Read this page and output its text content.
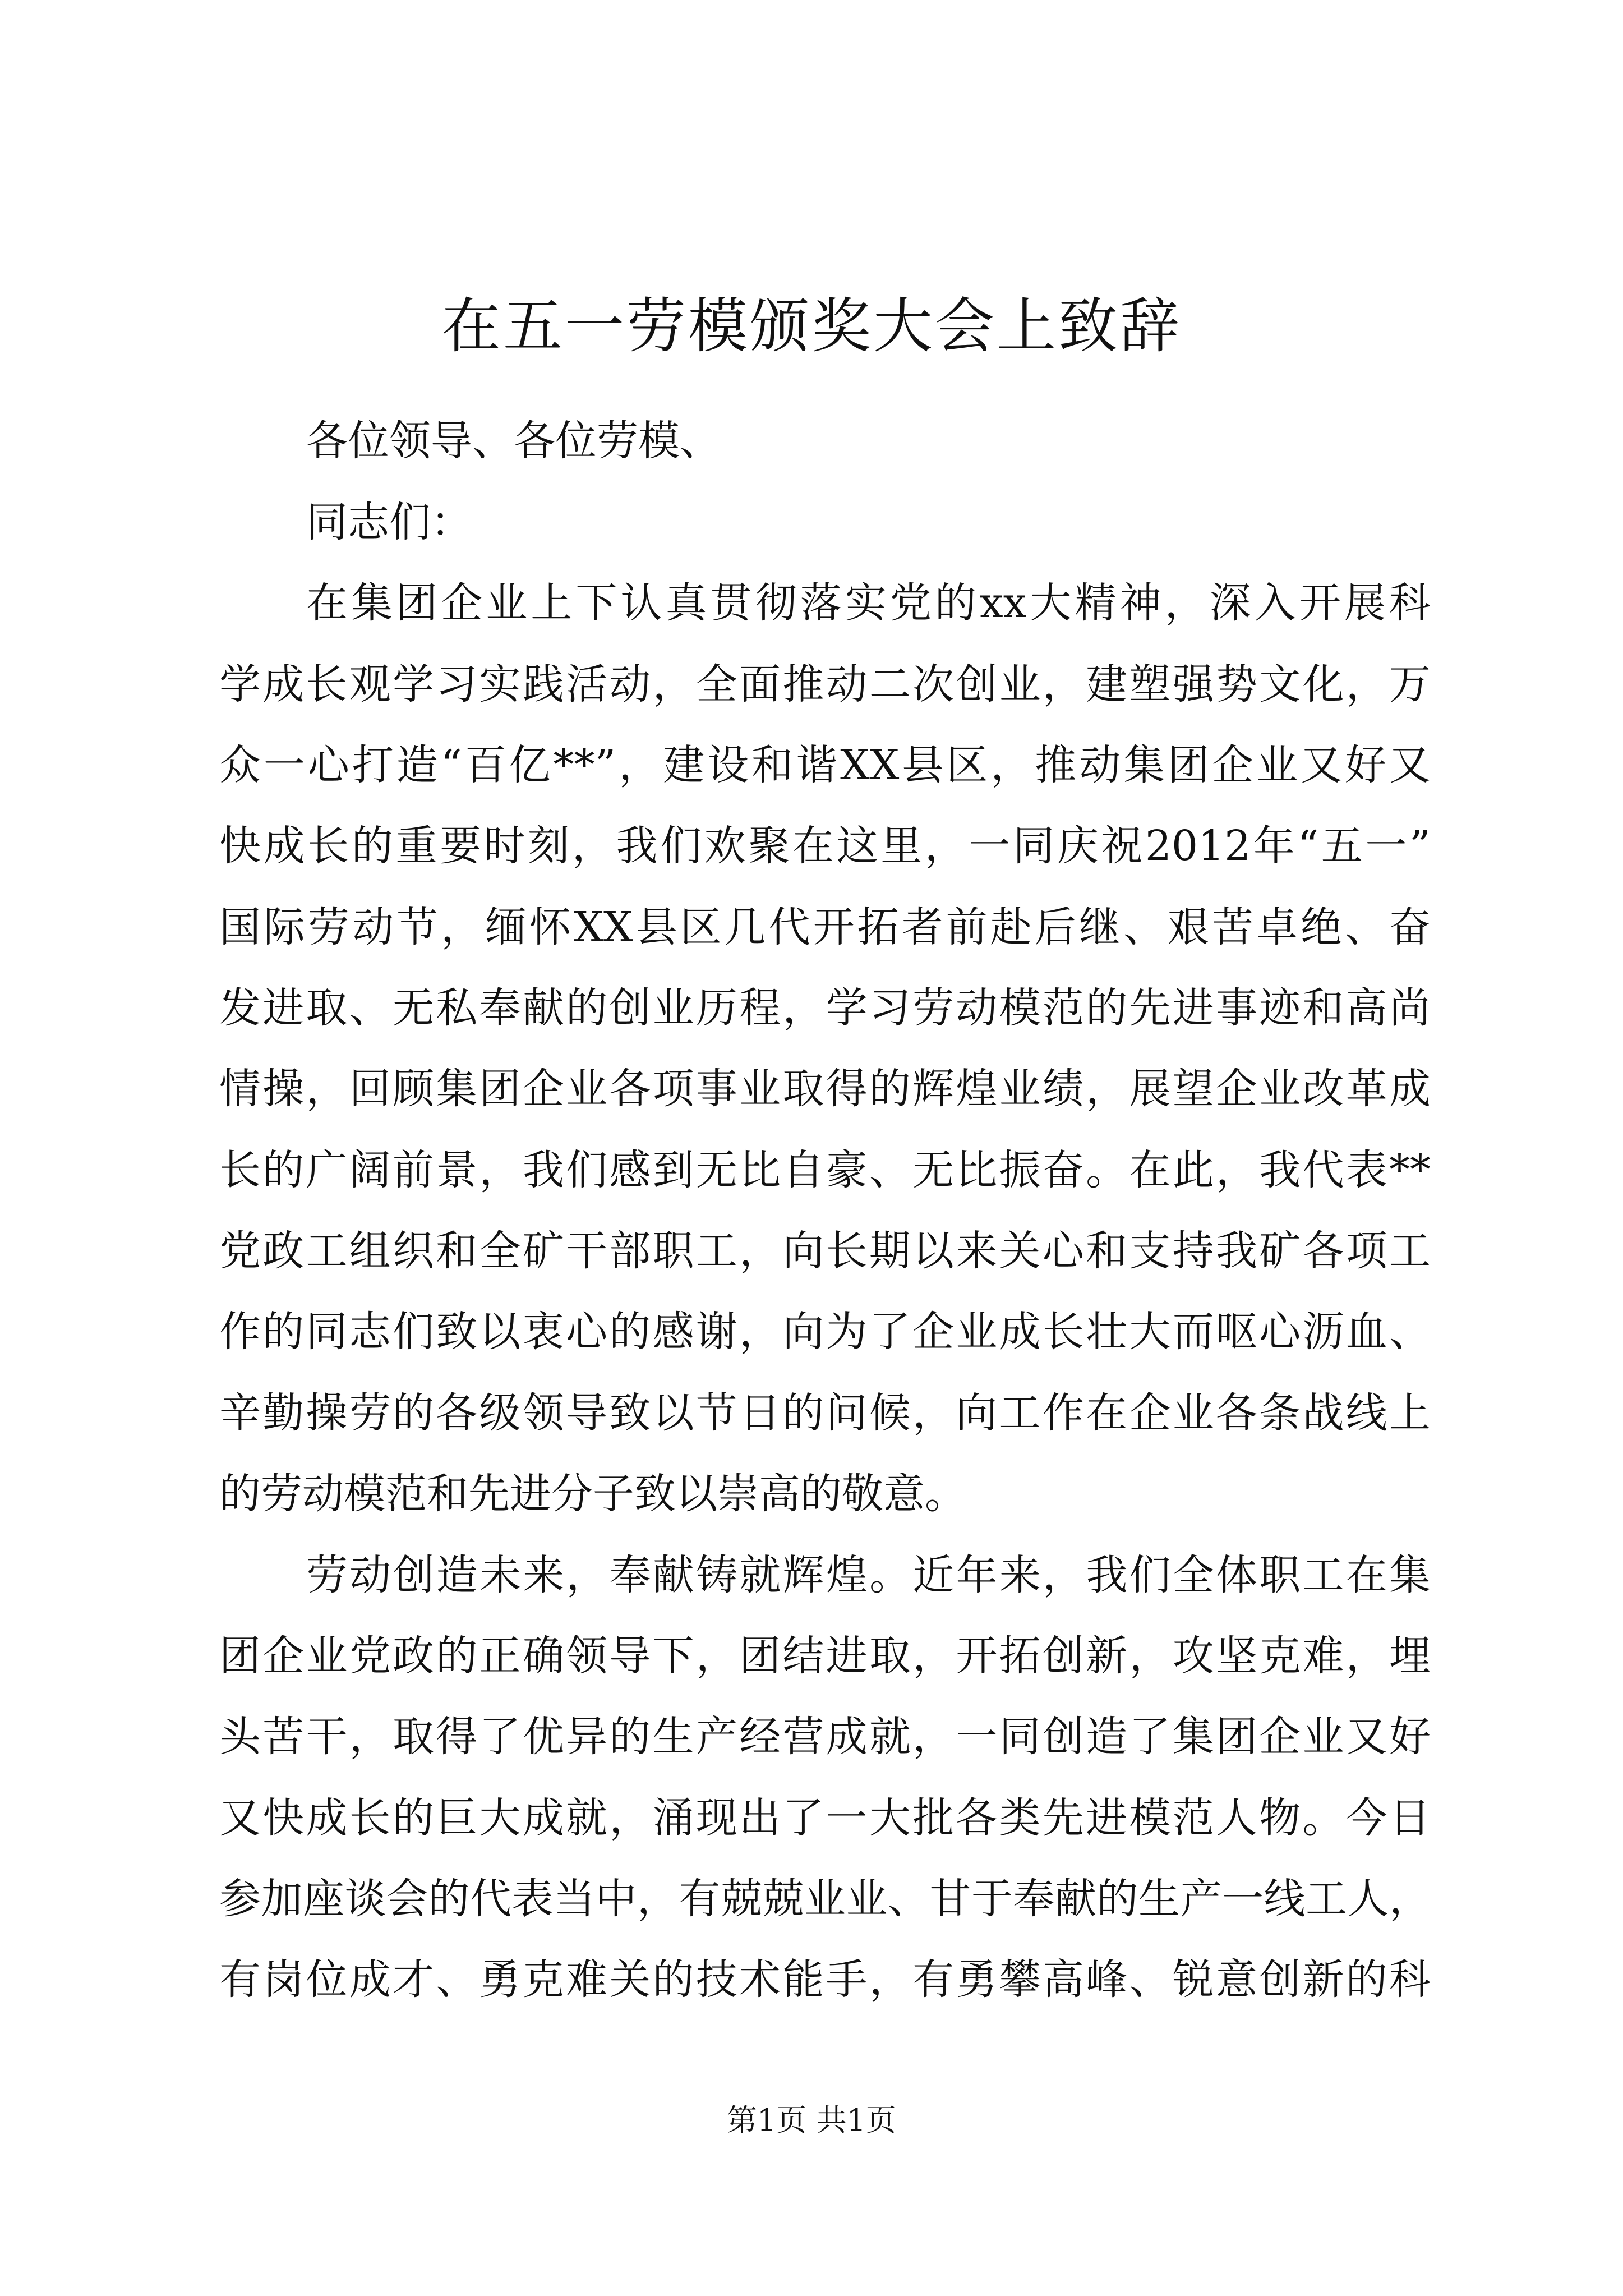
在五一劳模颁奖大会上致辞

各位领导、各位劳模、

同志们：

在集团企业上下认真贯彻落实党的xx大精神，深入开展科

学成长观学习实践活动，全面推动二次创业，建塑强势文化，万

众一心打造“百亿**”，建设和谐XX县区，推动集团企业又好又

快成长的重要时刻，我们欢聚在这里，一同庆祝2012年“五一”

国际劳动节，缅怀XX县区几代开拓者前赴后继、艰苦卓绝、奋

发进取、无私奉献的创业历程，学习劳动模范的先进事迹和高尚

情操，回顾集团企业各项事业取得的辉煌业绩，展望企业改革成

长的广阔前景，我们感到无比自豪、无比振奋。在此，我代表**

党政工组织和全矿干部职工，向长期以来关心和支持我矿各项工

作的同志们致以衷心的感谢，向为了企业成长壮大而呕心沥血、

辛勤操劳的各级领导致以节日的问候，向工作在企业各条战线上

的劳动模范和先进分子致以崇高的敬意。

劳动创造未来，奉献铸就辉煌。近年来，我们全体职工在集

团企业党政的正确领导下，团结进取，开拓创新，攻坚克难，埋

头苦干，取得了优异的生产经营成就，一同创造了集团企业又好

又快成长的巨大成就，涌现出了一大批各类先进模范人物。今日

参加座谈会的代表当中，有兢兢业业、甘于奉献的生产一线工人，

有岗位成才、勇克难关的技术能手，有勇攀高峰、锐意创新的科

第1页 共1页
